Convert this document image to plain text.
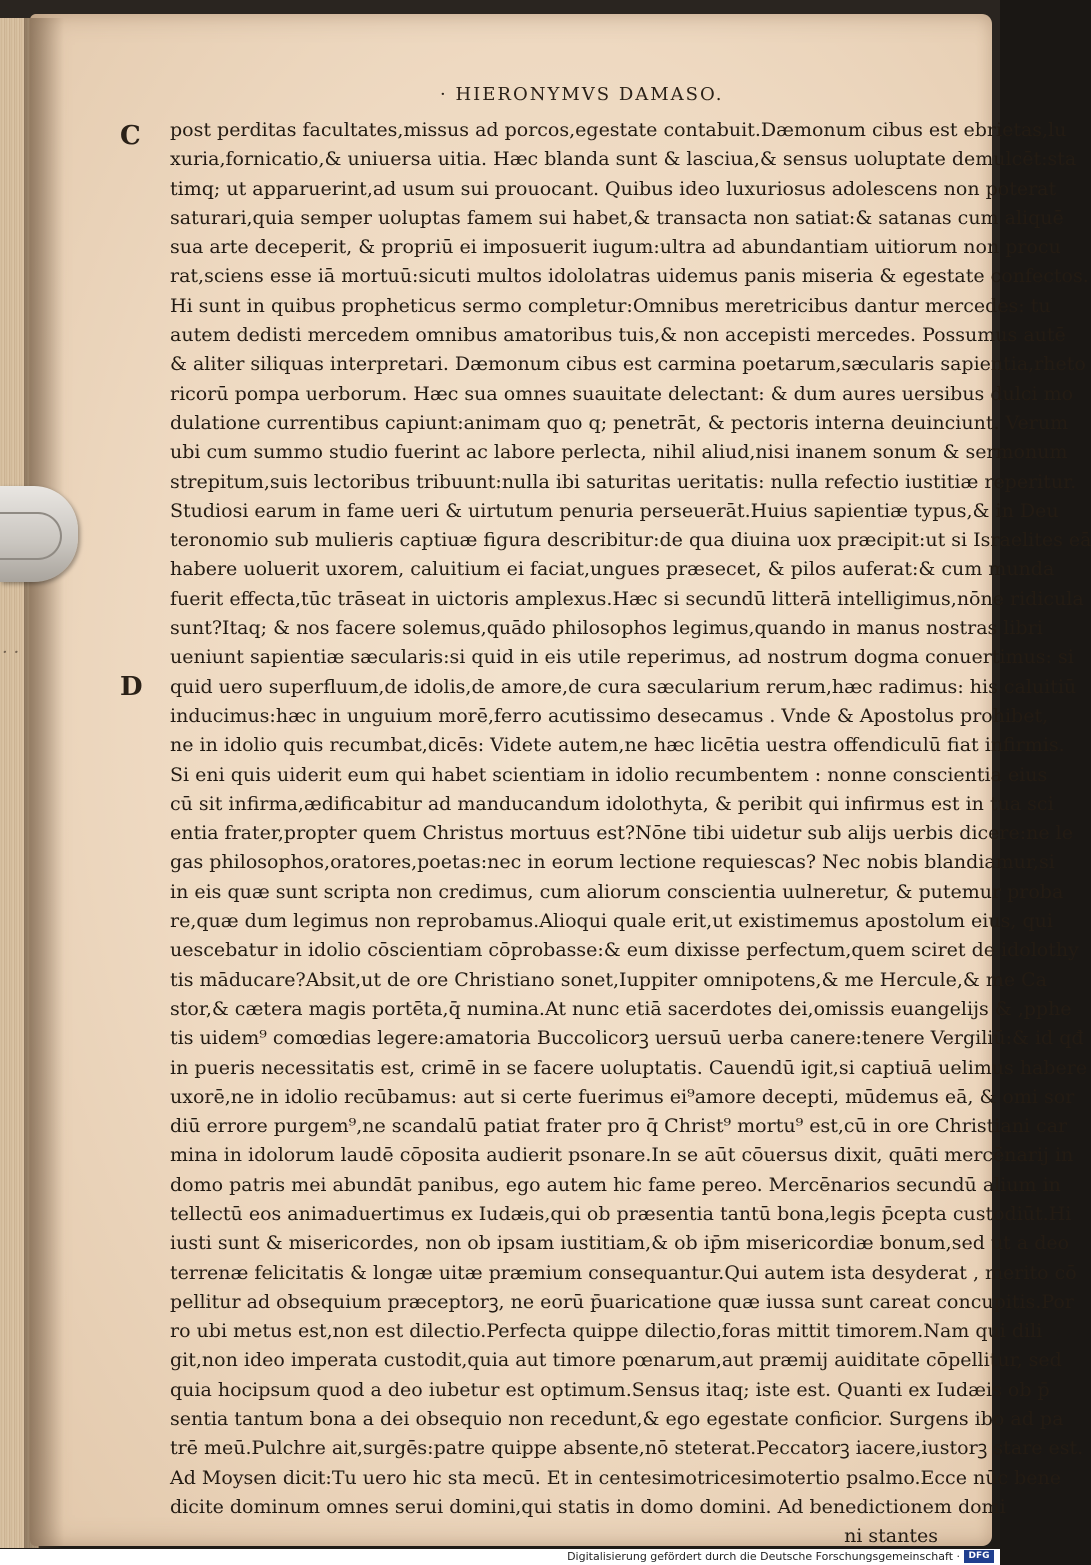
· ·
· HIERONYMVS DAMASO.
C
D
post perditas facultates,missus ad porcos,egestate contabuit.Dæmonum cibus est ebrietas,lu
xuria,fornicatio,& uniuersa uitia. Hæc blanda sunt & lasciua,& sensus uoluptate demulcēt:sta
timq; ut apparuerint,ad usum sui prouocant. Quibus ideo luxuriosus adolescens non poterat
saturari,quia semper uoluptas famem sui habet,& transacta non satiat:& satanas cum aliquē
sua arte deceperit, & propriū ei imposuerit iugum:ultra ad abundantiam uitiorum non procu
rat,sciens esse iā mortuū:sicuti multos idololatras uidemus panis miseria & egestate confectos.
Hi sunt in quibus propheticus sermo completur:Omnibus meretricibus dantur mercedes: tu
autem dedisti mercedem omnibus amatoribus tuis,& non accepisti mercedes. Possumus autē
& aliter siliquas interpretari. Dæmonum cibus est carmina poetarum,sæcularis sapientia,rheto
ricorū pompa uerborum. Hæc sua omnes suauitate delectant: & dum aures uersibus dulci mo
dulatione currentibus capiunt:animam quo q; penetrāt, & pectoris interna deuinciunt. Verum
ubi cum summo studio fuerint ac labore perlecta, nihil aliud,nisi inanem sonum & sermonum
strepitum,suis lectoribus tribuunt:nulla ibi saturitas ueritatis: nulla refectio iustitiæ reperitur.
Studiosi earum in fame ueri & uirtutum penuria perseuerāt.Huius sapientiæ typus,& in Deu
teronomio sub mulieris captiuæ figura describitur:de qua diuina uox præcipit:ut si Israelites eā
habere uoluerit uxorem, caluitium ei faciat,ungues præsecet, & pilos auferat:& cum munda
fuerit effecta,tūc trāseat in uictoris amplexus.Hæc si secundū litterā intelligimus,nōne ridicula
sunt?Itaq; & nos facere solemus,quādo philosophos legimus,quando in manus nostras libri
ueniunt sapientiæ sæcularis:si quid in eis utile reperimus, ad nostrum dogma conuertimus: si
quid uero superfluum,de idolis,de amore,de cura sæcularium rerum,hæc radimus: his caluitiū
inducimus:hæc in unguium morē,ferro acutissimo desecamus . Vnde & Apostolus prohibet,
ne in idolio quis recumbat,dicēs: Videte autem,ne hæc licētia uestra offendiculū fiat infirmis.
Si eni quis uiderit eum qui habet scientiam in idolio recumbentem : nonne conscientia eius
cū sit infirma,ædificabitur ad manducandum idolothyta, & peribit qui infirmus est in tua sci
entia frater,propter quem Christus mortuus est?Nōne tibi uidetur sub alijs uerbis dicere:ne le
gas philosophos,oratores,poetas:nec in eorum lectione requiescas? Nec nobis blandiamur,si
in eis quæ sunt scripta non credimus, cum aliorum conscientia uulneretur, & putemur proba
re,quæ dum legimus non reprobamus.Alioqui quale erit,ut existimemus apostolum eius, qui
uescebatur in idolio cōscientiam cōprobasse:& eum dixisse perfectum,quem sciret de idolothy
tis māducare?Absit,ut de ore Christiano sonet,Iuppiter omnipotens,& me Hercule,& me Ca
stor,& cætera magis portēta,q̄ numina.At nunc etiā sacerdotes dei,omissis euangelijs & ,pphe
tis uidem⁹ comœdias legere:amatoria Buccolicorꝫ uersuū uerba canere:tenere Vergiliū:& id qđ
in pueris necessitatis est, crimē in se facere uoluptatis. Cauendū igit,si captiuā uelimus habere
uxorē,ne in idolio recūbamus: aut si certe fuerimus ei⁹amore decepti, mūdemus eā, & omi sor
diū errore purgem⁹,ne scandalū patiat frater pro q̄ Christ⁹ mortu⁹ est,cū in ore Christiani car
mina in idolorum laudē cōposita audierit psonare.In se aūt cōuersus dixit, quāti mercēnarij in
domo patris mei abundāt panibus, ego autem hic fame pereo. Mercēnarios secundū alium in
tellectū eos animaduertimus ex Iudæis,qui ob præsentia tantū bona,legis p̄cepta custodiūt.Hi
iusti sunt & misericordes, non ob ipsam iustitiam,& ob ip̄m misericordiæ bonum,sed ut a deo
terrenæ felicitatis & longæ uitæ præmium consequantur.Qui autem ista desyderat , merito cō
pellitur ad obsequium præceptorꝫ, ne eorū p̄uaricatione quæ iussa sunt careat concupitis.Por
ro ubi metus est,non est dilectio.Perfecta quippe dilectio,foras mittit timorem.Nam qui dili
git,non ideo imperata custodit,quia aut timore pœnarum,aut præmij auiditate cōpellitur, sed
quia hocipsum quod a deo iubetur est optimum.Sensus itaq; iste est. Quanti ex Iudæis ob p̄
sentia tantum bona a dei obsequio non recedunt,& ego egestate conficior. Surgens ibo ad pa
trē meū.Pulchre ait,surgēs:patre quippe absente,nō steterat.Peccatorꝫ iacere,iustorꝫ stare est.
Ad Moysen dicit:Tu uero hic sta mecū. Et in centesimotricesimotertio psalmo.Ecce nūc bene
dicite dominum omnes serui domini,qui statis in domo domini. Ad benedictionem domi
ni stantes
Digitalisierung gefördert durch die Deutsche Forschungsgemeinschaft · DFG
